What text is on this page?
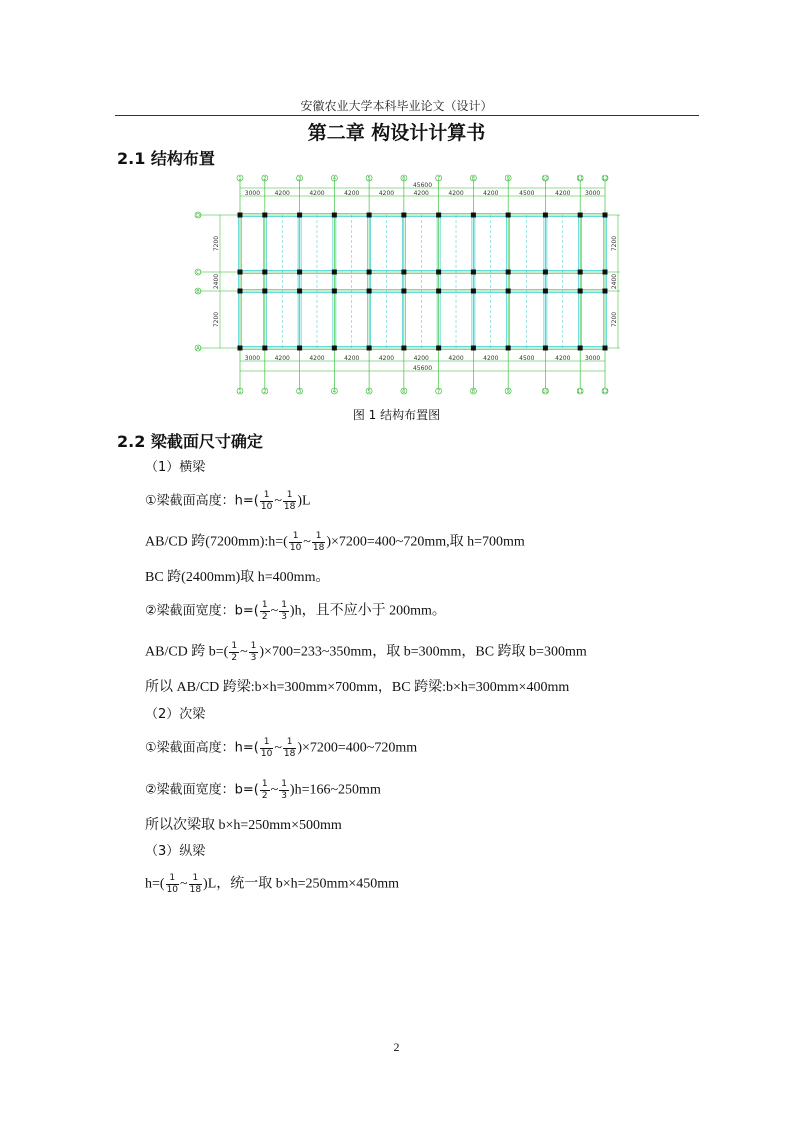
安徽农业大学本科毕业论文（设计）
第二章 构设计计算书
2.1 结构布置
1
1
2
2
3
3
4
4
5
5
6
6
7
7
8
8
9
9
10
10
11
11
12
12
D
C
B
A
3000 4200	4200	4200	4200	4200	4200	4200	4500	4200 3000
45600
3000 4200	4200	4200	4200	4200	4200	4200	4500	4200 3000
45600
7200
2400
7200
7200
2400
7200
图 1 结构布置图
2.2 梁截面尺寸确定
（1）横梁
①梁截面高度：$h=( \frac{1}{10}$ ~ $\frac{1}{18} )L$
AB/CD 跨(7200mm):h=( $\frac{1}{10}$ ~ $\frac{1}{18}$ )×7200=400~720mm,取 h=700mm
BC 跨(2400mm)取 h=400mm。
②梁截面宽度：$b=( \frac{1}{2}$ ~ $\frac{1}{3} )h$，且不应小于 200mm。
AB/CD 跨 $b=( \frac{1}{2}$ ~ $\frac{1}{3}$ )×700=233~350mm，取 b=300mm，BC 跨取 b=300mm
所以 AB/CD 跨梁:b×h=300mm×700mm，BC 跨梁:b×h=300mm×400mm
（2）次梁
①梁截面高度：$h=( \frac{1}{10}$ ~ $\frac{1}{18}$ )×7200=400~720mm
②梁截面宽度：$b=( \frac{1}{2}$ ~ $\frac{1}{3}$ )h=166~250mm
所以次梁取 b×h=250mm×500mm
（3）纵梁
$h=( \frac{1}{10}$ ~ $\frac{1}{18} )L$，统一取 b×h=250mm×450mm
2
